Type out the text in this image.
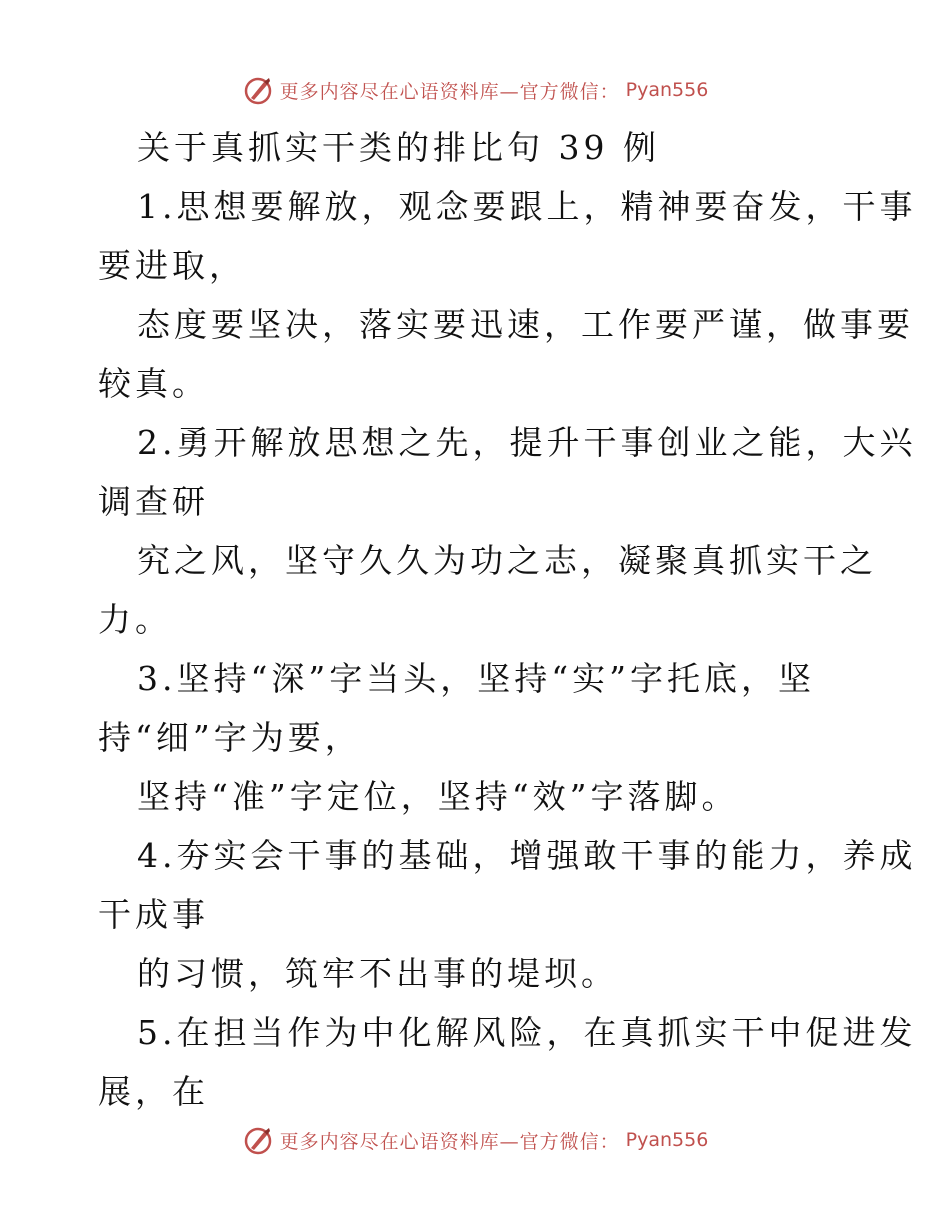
更多内容尽在心语资料库—官方微信： Pyan556
关于真抓实干类的排比句 39 例
1.思想要解放，观念要跟上，精神要奋发，干事
要进取，
态度要坚决，落实要迅速，工作要严谨，做事要
较真。
2.勇开解放思想之先，提升干事创业之能，大兴
调查研
究之风，坚守久久为功之志，凝聚真抓实干之
力。
3.坚持“深”字当头，坚持“实”字托底，坚
持“细”字为要，
坚持“准”字定位，坚持“效”字落脚。
4.夯实会干事的基础，增强敢干事的能力，养成
干成事
的习惯，筑牢不出事的堤坝。
5.在担当作为中化解风险，在真抓实干中促进发
展，在
更多内容尽在心语资料库—官方微信： Pyan556
